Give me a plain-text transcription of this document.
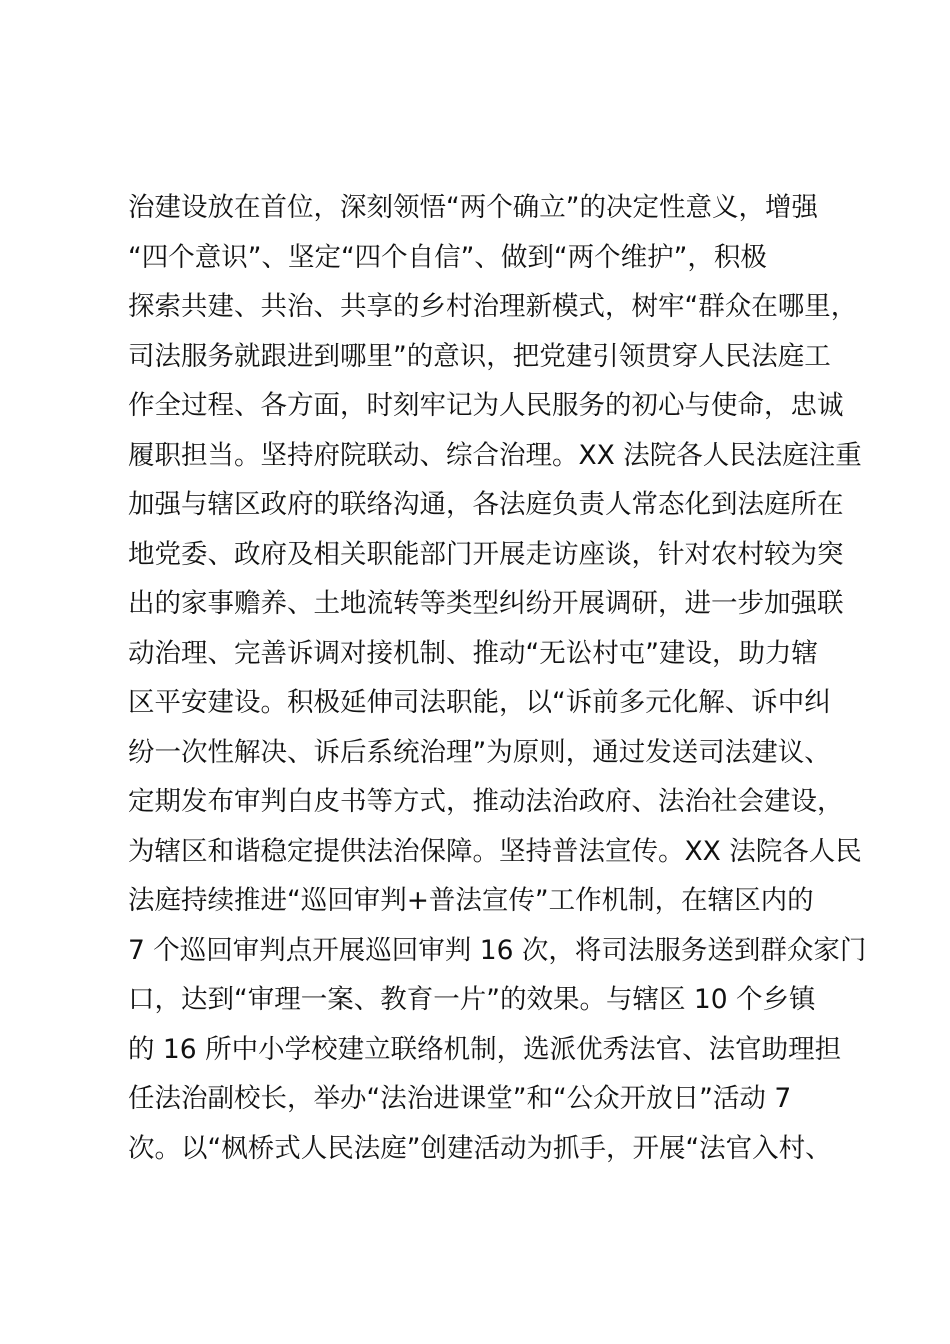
治建设放在首位，深刻领悟“两个确立”的决定性意义，增强
“四个意识”、坚定“四个自信”、做到“两个维护”，积极
探索共建、共治、共享的乡村治理新模式，树牢“群众在哪里，
司法服务就跟进到哪里”的意识，把党建引领贯穿人民法庭工
作全过程、各方面，时刻牢记为人民服务的初心与使命，忠诚
履职担当。坚持府院联动、综合治理。XX 法院各人民法庭注重
加强与辖区政府的联络沟通，各法庭负责人常态化到法庭所在
地党委、政府及相关职能部门开展走访座谈，针对农村较为突
出的家事赡养、土地流转等类型纠纷开展调研，进一步加强联
动治理、完善诉调对接机制、推动“无讼村屯”建设，助力辖
区平安建设。积极延伸司法职能，以“诉前多元化解、诉中纠
纷一次性解决、诉后系统治理”为原则，通过发送司法建议、
定期发布审判白皮书等方式，推动法治政府、法治社会建设，
为辖区和谐稳定提供法治保障。坚持普法宣传。XX 法院各人民
法庭持续推进“巡回审判+普法宣传”工作机制，在辖区内的
7 个巡回审判点开展巡回审判 16 次，将司法服务送到群众家门
口，达到“审理一案、教育一片”的效果。与辖区 10 个乡镇
的 16 所中小学校建立联络机制，选派优秀法官、法官助理担
任法治副校长，举办“法治进课堂”和“公众开放日”活动 7
次。以“枫桥式人民法庭”创建活动为抓手，开展“法官入村、
